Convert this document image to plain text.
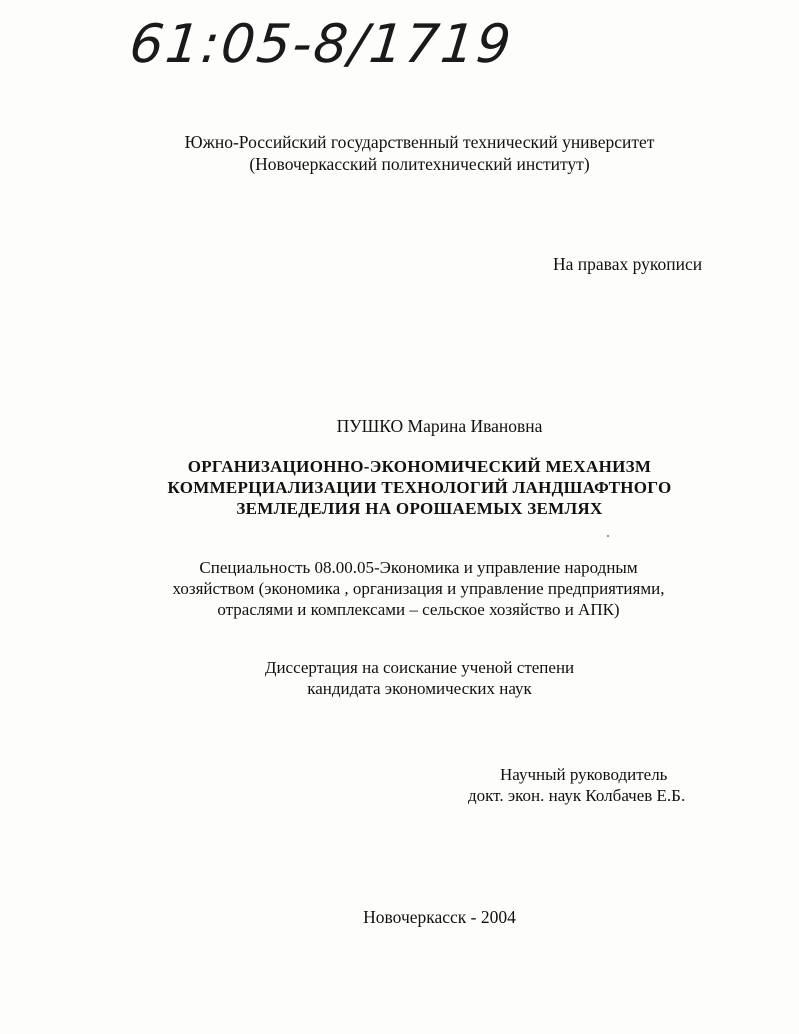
61:05-8/1719
Южно-Российский государственный технический университет
(Новочеркасский политехнический институт)
На правах рукописи
ПУШКО Марина Ивановна
ОРГАНИЗАЦИОННО-ЭКОНОМИЧЕСКИЙ МЕХАНИЗМ
КОММЕРЦИАЛИЗАЦИИ ТЕХНОЛОГИЙ ЛАНДШАФТНОГО
ЗЕМЛЕДЕЛИЯ НА ОРОШАЕМЫХ ЗЕМЛЯХ
Специальность 08.00.05-Экономика и управление народным
хозяйством (экономика , организация и управление предприятиями,
отраслями и комплексами – сельское хозяйство и АПК)
Диссертация на соискание ученой степени
кандидата экономических наук
Научный руководитель
докт. экон. наук Колбачев Е.Б.
Новочеркасск - 2004
